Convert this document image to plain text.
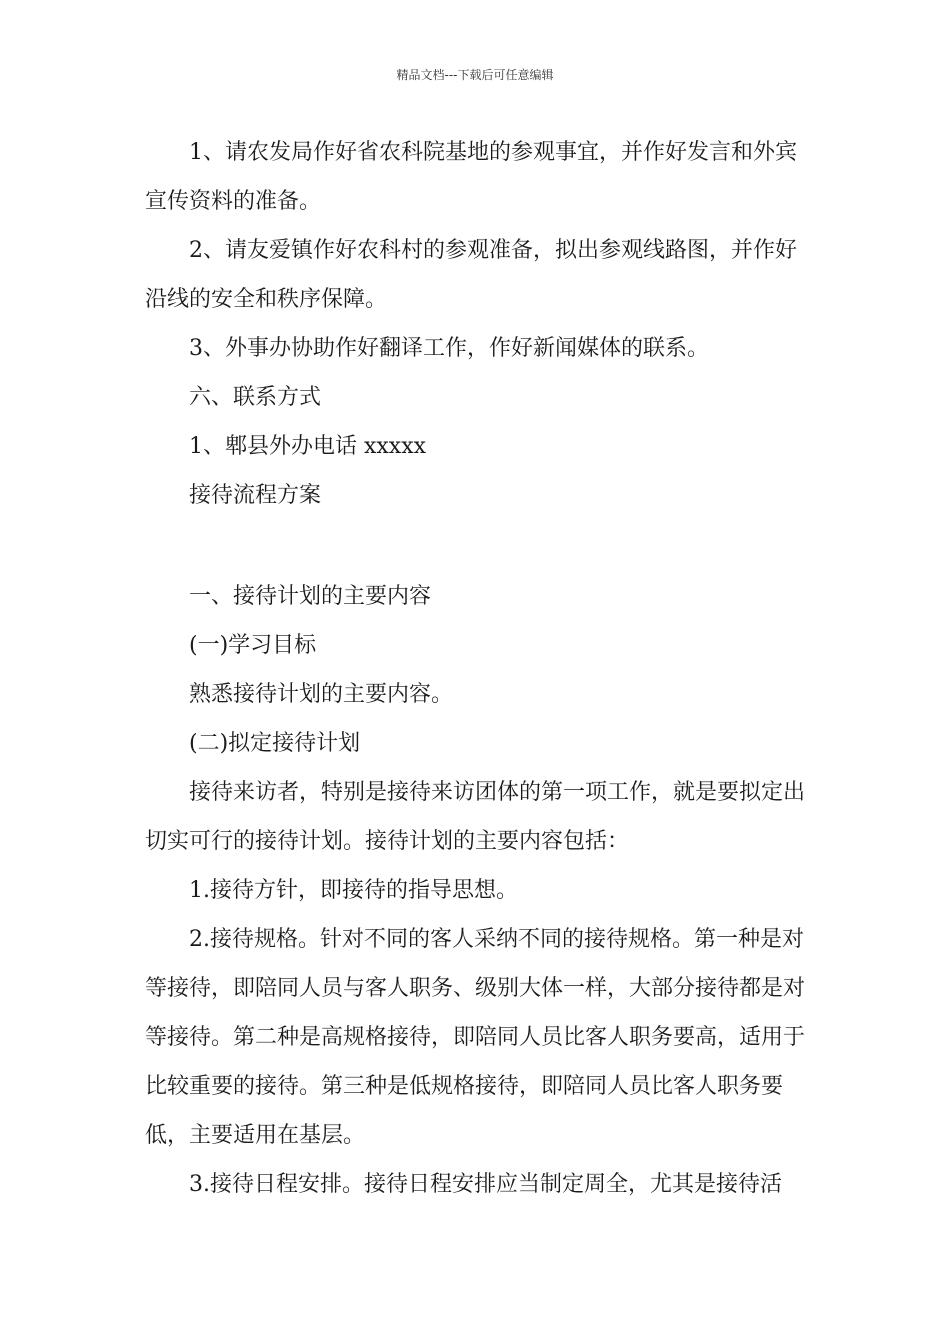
精品文档---下载后可任意编辑

1、请农发局作好省农科院基地的参观事宜，并作好发言和外宾宣传资料的准备。

2、请友爱镇作好农科村的参观准备，拟出参观线路图，并作好沿线的安全和秩序保障。

3、外事办协助作好翻译工作，作好新闻媒体的联系。

六、联系方式

1、郫县外办电话 xxxxx

接待流程方案

一、接待计划的主要内容

(一)学习目标

熟悉接待计划的主要内容。

(二)拟定接待计划

接待来访者，特别是接待来访团体的第一项工作，就是要拟定出切实可行的接待计划。接待计划的主要内容包括：

1.接待方针，即接待的指导思想。

2.接待规格。针对不同的客人采纳不同的接待规格。第一种是对等接待，即陪同人员与客人职务、级别大体一样，大部分接待都是对等接待。第二种是高规格接待，即陪同人员比客人职务要高，适用于比较重要的接待。第三种是低规格接待，即陪同人员比客人职务要低，主要适用在基层。

3.接待日程安排。接待日程安排应当制定周全，尤其是接待活
